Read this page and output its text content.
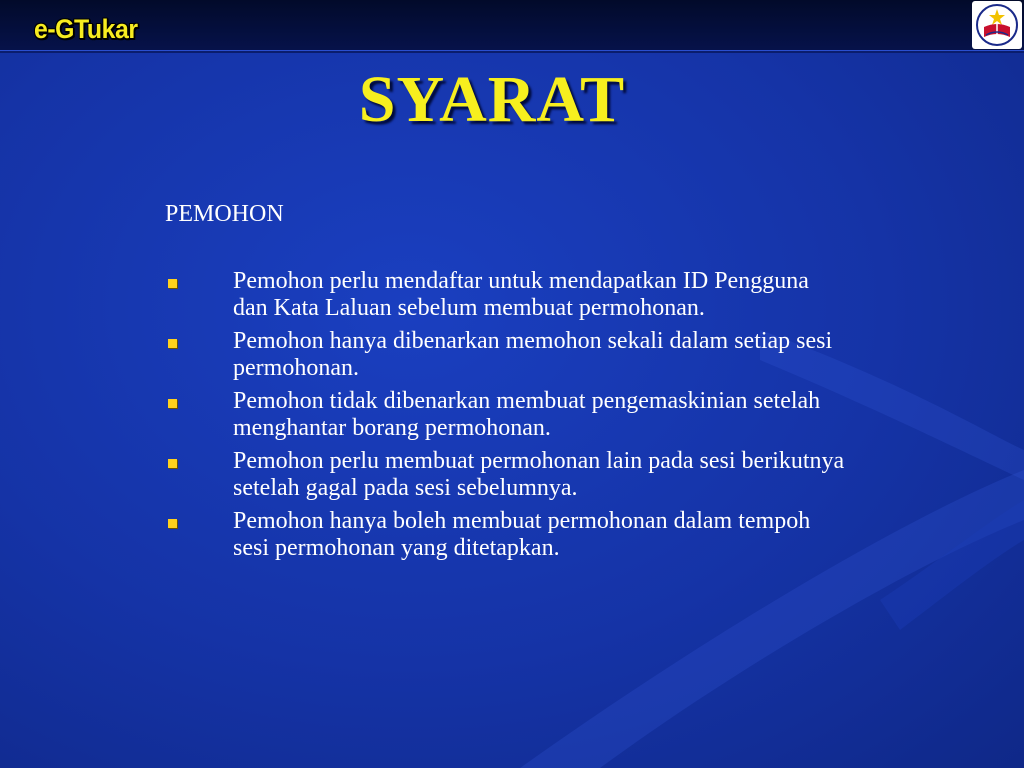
e-GTukar
SYARAT
PEMOHON
Pemohon perlu mendaftar untuk mendapatkan ID Pengguna dan Kata Laluan sebelum membuat permohonan.
Pemohon hanya dibenarkan memohon sekali dalam setiap sesi permohonan.
Pemohon tidak dibenarkan membuat pengemaskinian setelah menghantar borang permohonan.
Pemohon perlu membuat permohonan lain pada sesi berikutnya setelah gagal pada sesi sebelumnya.
Pemohon hanya boleh membuat permohonan dalam tempoh sesi permohonan yang ditetapkan.
